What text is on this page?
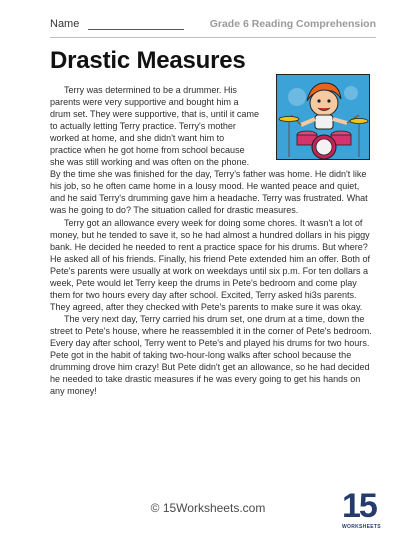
Name	Grade 6 Reading Comprehension
Drastic Measures

Terry was determined to be a drummer. His
parents were very supportive and bought him a
drum set. They were supportive, that is, until it came
to actually letting Terry practice. Terry's mother
worked at home, and she didn't want him to
practice when he got home from school because
she was still working and was often on the phone.
By the time she was finished for the day, Terry's father was home. He didn't like his job, so he often came home in a lousy mood. He wanted peace and quiet, and he said Terry's drumming gave him a headache. Terry was frustrated. What was he going to do? The situation called for drastic measures.

Terry got an allowance every week for doing some chores. It wasn't a lot of money, but he tended to save it, so he had almost a hundred dollars in his piggy bank. He decided he needed to rent a practice space for his drums. But where? He asked all of his friends. Finally, his friend Pete extended him an offer. Both of Pete's parents were usually at work on weekdays until six p.m. For ten dollars a week, Pete would let Terry keep the drums in Pete's bedroom and come play them for two hours every day after school. Excited, Terry asked hi3s parents. They agreed, after they checked with Pete's parents to make sure it was okay.

The very next day, Terry carried his drum set, one drum at a time, down the street to Pete's house, where he reassembled it in the corner of Pete's bedroom. Every day after school, Terry went to Pete's and played his drums for two hours. Pete got in the habit of taking two-hour-long walks after school because the drumming drove him crazy! But Pete didn't get an allowance, so he had decided he needed to take drastic measures if he was every going to get his hands on any money!

© 15Worksheets.com	15
WORKSHEETS
